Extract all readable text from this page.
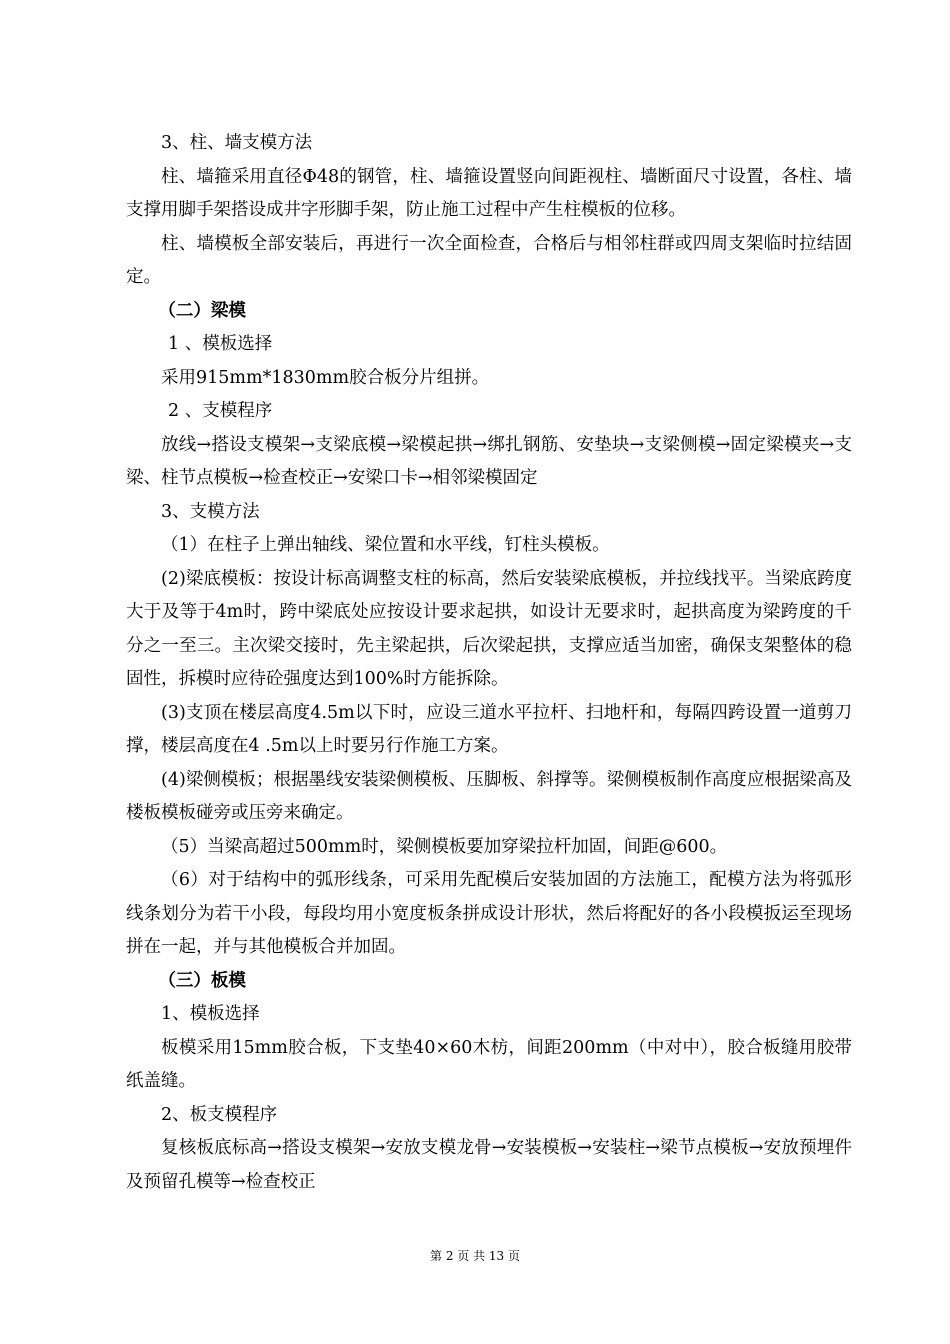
3、柱、墙支模方法

柱、墙箍采用直径Φ48的钢管，柱、墙箍设置竖向间距视柱、墙断面尺寸设置，各柱、墙支撑用脚手架搭设成井字形脚手架，防止施工过程中产生柱模板的位移。

柱、墙模板全部安装后，再进行一次全面检查，合格后与相邻柱群或四周支架临时拉结固定。

（二）梁模

1 、模板选择

采用915mm*1830mm胶合板分片组拼。

2 、支模程序

放线→搭设支模架→支梁底模→梁模起拱→绑扎钢筋、安垫块→支梁侧模→固定梁模夹→支梁、柱节点模板→检查校正→安梁口卡→相邻梁模固定

3、支模方法

（1）在柱子上弹出轴线、梁位置和水平线，钉柱头模板。

(2)梁底模板：按设计标高调整支柱的标高，然后安装梁底模板，并拉线找平。当梁底跨度大于及等于4m时，跨中梁底处应按设计要求起拱，如设计无要求时，起拱高度为梁跨度的千分之一至三。主次梁交接时，先主梁起拱，后次梁起拱，支撑应适当加密，确保支架整体的稳固性，拆模时应待砼强度达到100%时方能拆除。

(3)支顶在楼层高度4.5m以下时，应设三道水平拉杆、扫地杆和，每隔四跨设置一道剪刀撑，楼层高度在4 .5m以上时要另行作施工方案。

(4)梁侧模板；根据墨线安装梁侧模板、压脚板、斜撑等。梁侧模板制作高度应根据梁高及楼板模板碰旁或压旁来确定。

（5）当梁高超过500mm时，梁侧模板要加穿梁拉杆加固，间距@600。

（6）对于结构中的弧形线条，可采用先配模后安装加固的方法施工，配模方法为将弧形线条划分为若干小段，每段均用小宽度板条拼成设计形状，然后将配好的各小段模扳运至现场拼在一起，并与其他模板合并加固。

（三）板模

1、模板选择

板模采用15mm胶合板，下支垫40×60木枋，间距200mm（中对中），胶合板缝用胶带纸盖缝。

2、板支模程序

复核板底标高→搭设支模架→安放支模龙骨→安装模板→安装柱→梁节点模板→安放预埋件及预留孔模等→检查校正

第 2 页 共 13 页
